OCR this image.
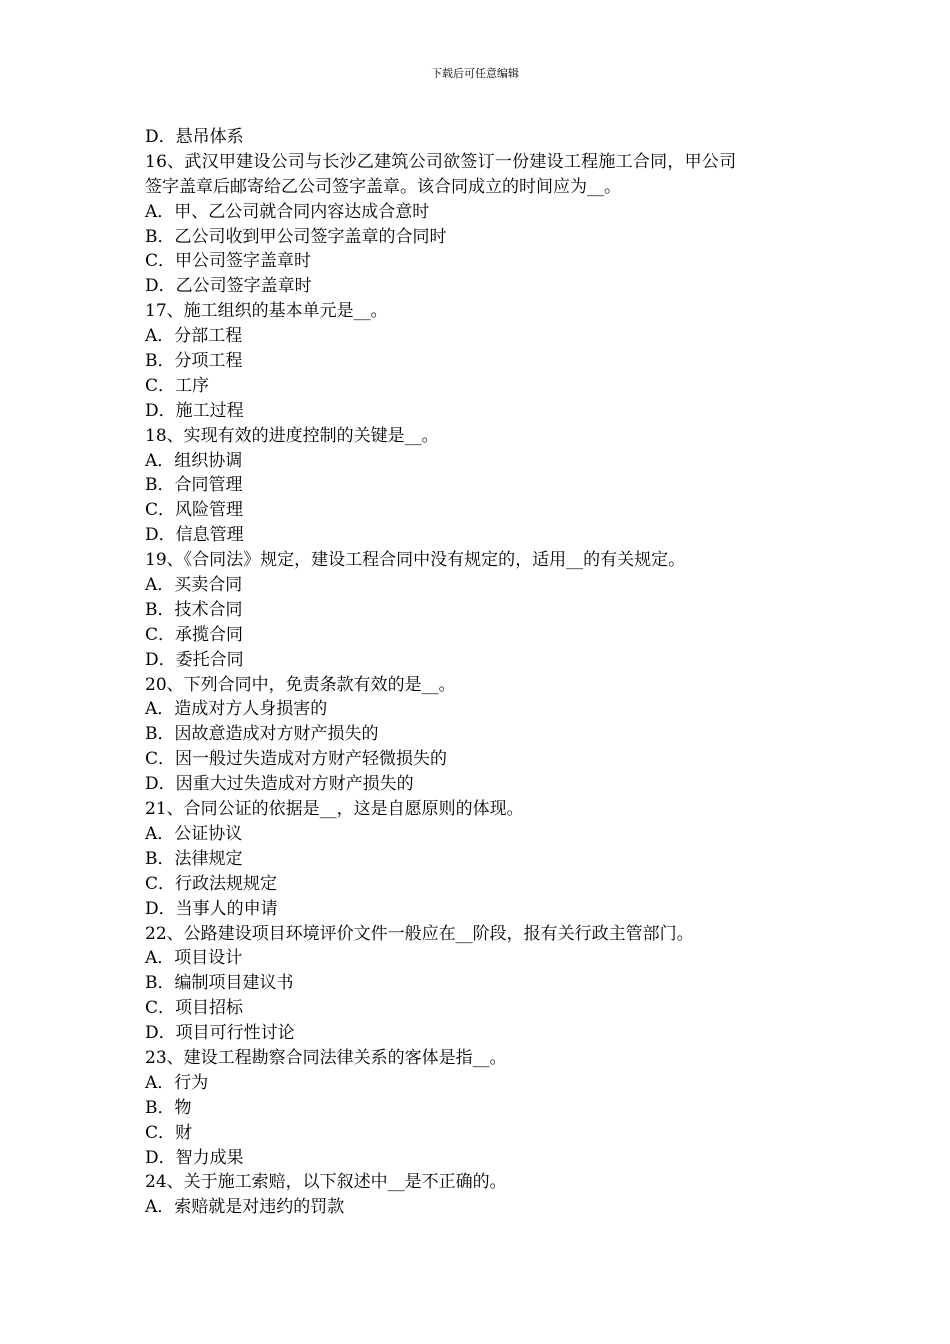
下载后可任意编辑

D．悬吊体系

16、武汉甲建设公司与长沙乙建筑公司欲签订一份建设工程施工合同，甲公司

签字盖章后邮寄给乙公司签字盖章。该合同成立的时间应为__。

A．甲、乙公司就合同内容达成合意时

B．乙公司收到甲公司签字盖章的合同时

C．甲公司签字盖章时

D．乙公司签字盖章时

17、施工组织的基本单元是__。

A．分部工程

B．分项工程

C．工序

D．施工过程

18、实现有效的进度控制的关键是__。

A．组织协调

B．合同管理

C．风险管理

D．信息管理

19、《合同法》规定，建设工程合同中没有规定的，适用__的有关规定。

A．买卖合同

B．技术合同

C．承揽合同

D．委托合同

20、下列合同中，免责条款有效的是__。

A．造成对方人身损害的

B．因故意造成对方财产损失的

C．因一般过失造成对方财产轻微损失的

D．因重大过失造成对方财产损失的

21、合同公证的依据是__，这是自愿原则的体现。

A．公证协议

B．法律规定

C．行政法规规定

D．当事人的申请

22、公路建设项目环境评价文件一般应在__阶段，报有关行政主管部门。

A．项目设计

B．编制项目建议书

C．项目招标

D．项目可行性讨论

23、建设工程勘察合同法律关系的客体是指__。

A．行为

B．物

C．财

D．智力成果

24、关于施工索赔，以下叙述中__是不正确的。

A．索赔就是对违约的罚款
